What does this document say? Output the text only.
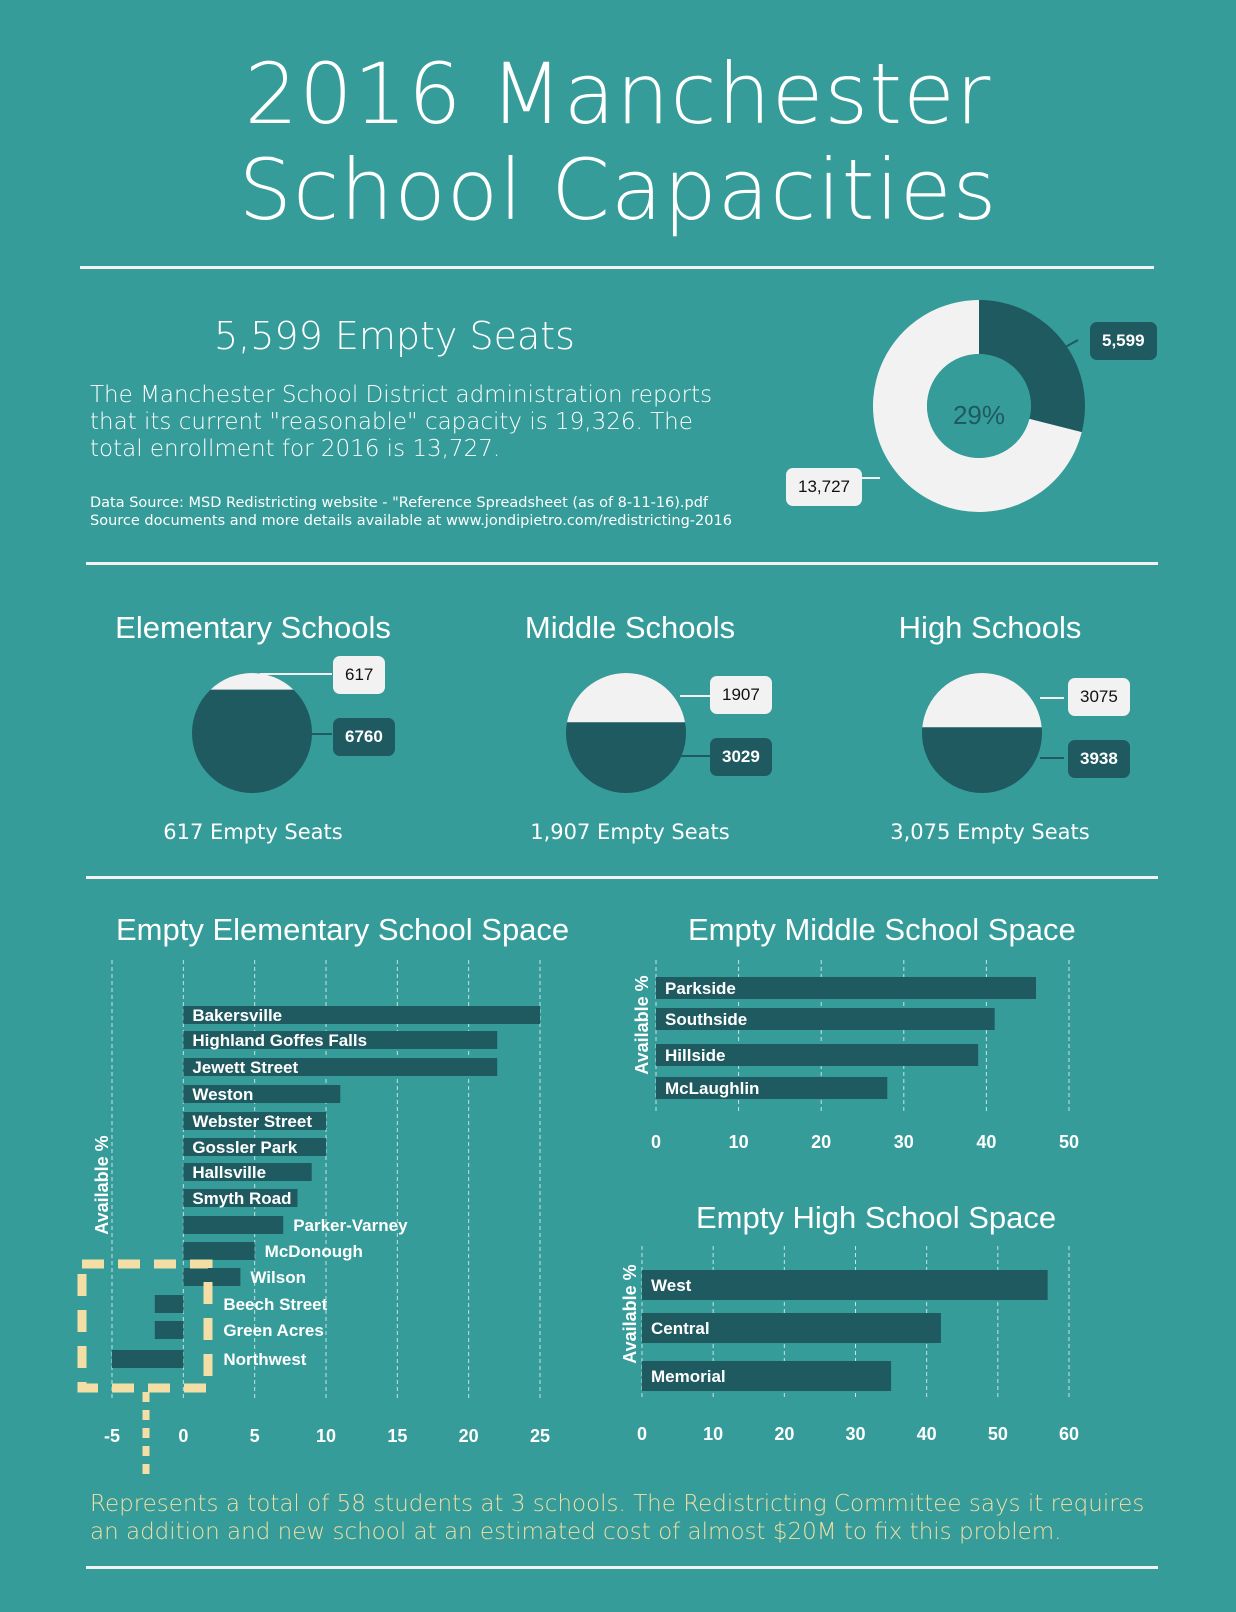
2016 Manchester
School Capacities
5,599 Empty Seats
The Manchester School District administration reports that its current "reasonable" capacity is 19,326. The total enrollment for 2016 is 13,727.
Data Source: MSD Redistricting website - "Reference Spreadsheet (as of 8-11-16).pdf
Source documents and more details available at www.jondipietro.com/redistricting-2016
29%
5,599
13,727
Elementary Schools	Middle Schools	High Schools
617
6760
1907
3029
3075
3938
617 Empty Seats	1,907 Empty Seats	3,075 Empty Seats
Empty Elementary School Space	Empty Middle School Space
Empty High School Space
Bakersville
Highland Goffes Falls
Jewett Street
Weston
Webster Street
Gossler Park
Hallsville
Smyth Road
Parker-Varney
McDonough
Wilson
Beech Street
Green Acres
Northwest
-5	0	5	10	15	20	25
Available %
Parkside
Southside
Hillside
McLaughlin
0	10	20	30	40	50
Available %
West
Central
Memorial
0	10	20	30	40	50	60
Available %
Represents a total of 58 students at 3 schools. The Redistricting Committee says it requires an addition and new school at an estimated cost of almost $20M to fix this problem.
